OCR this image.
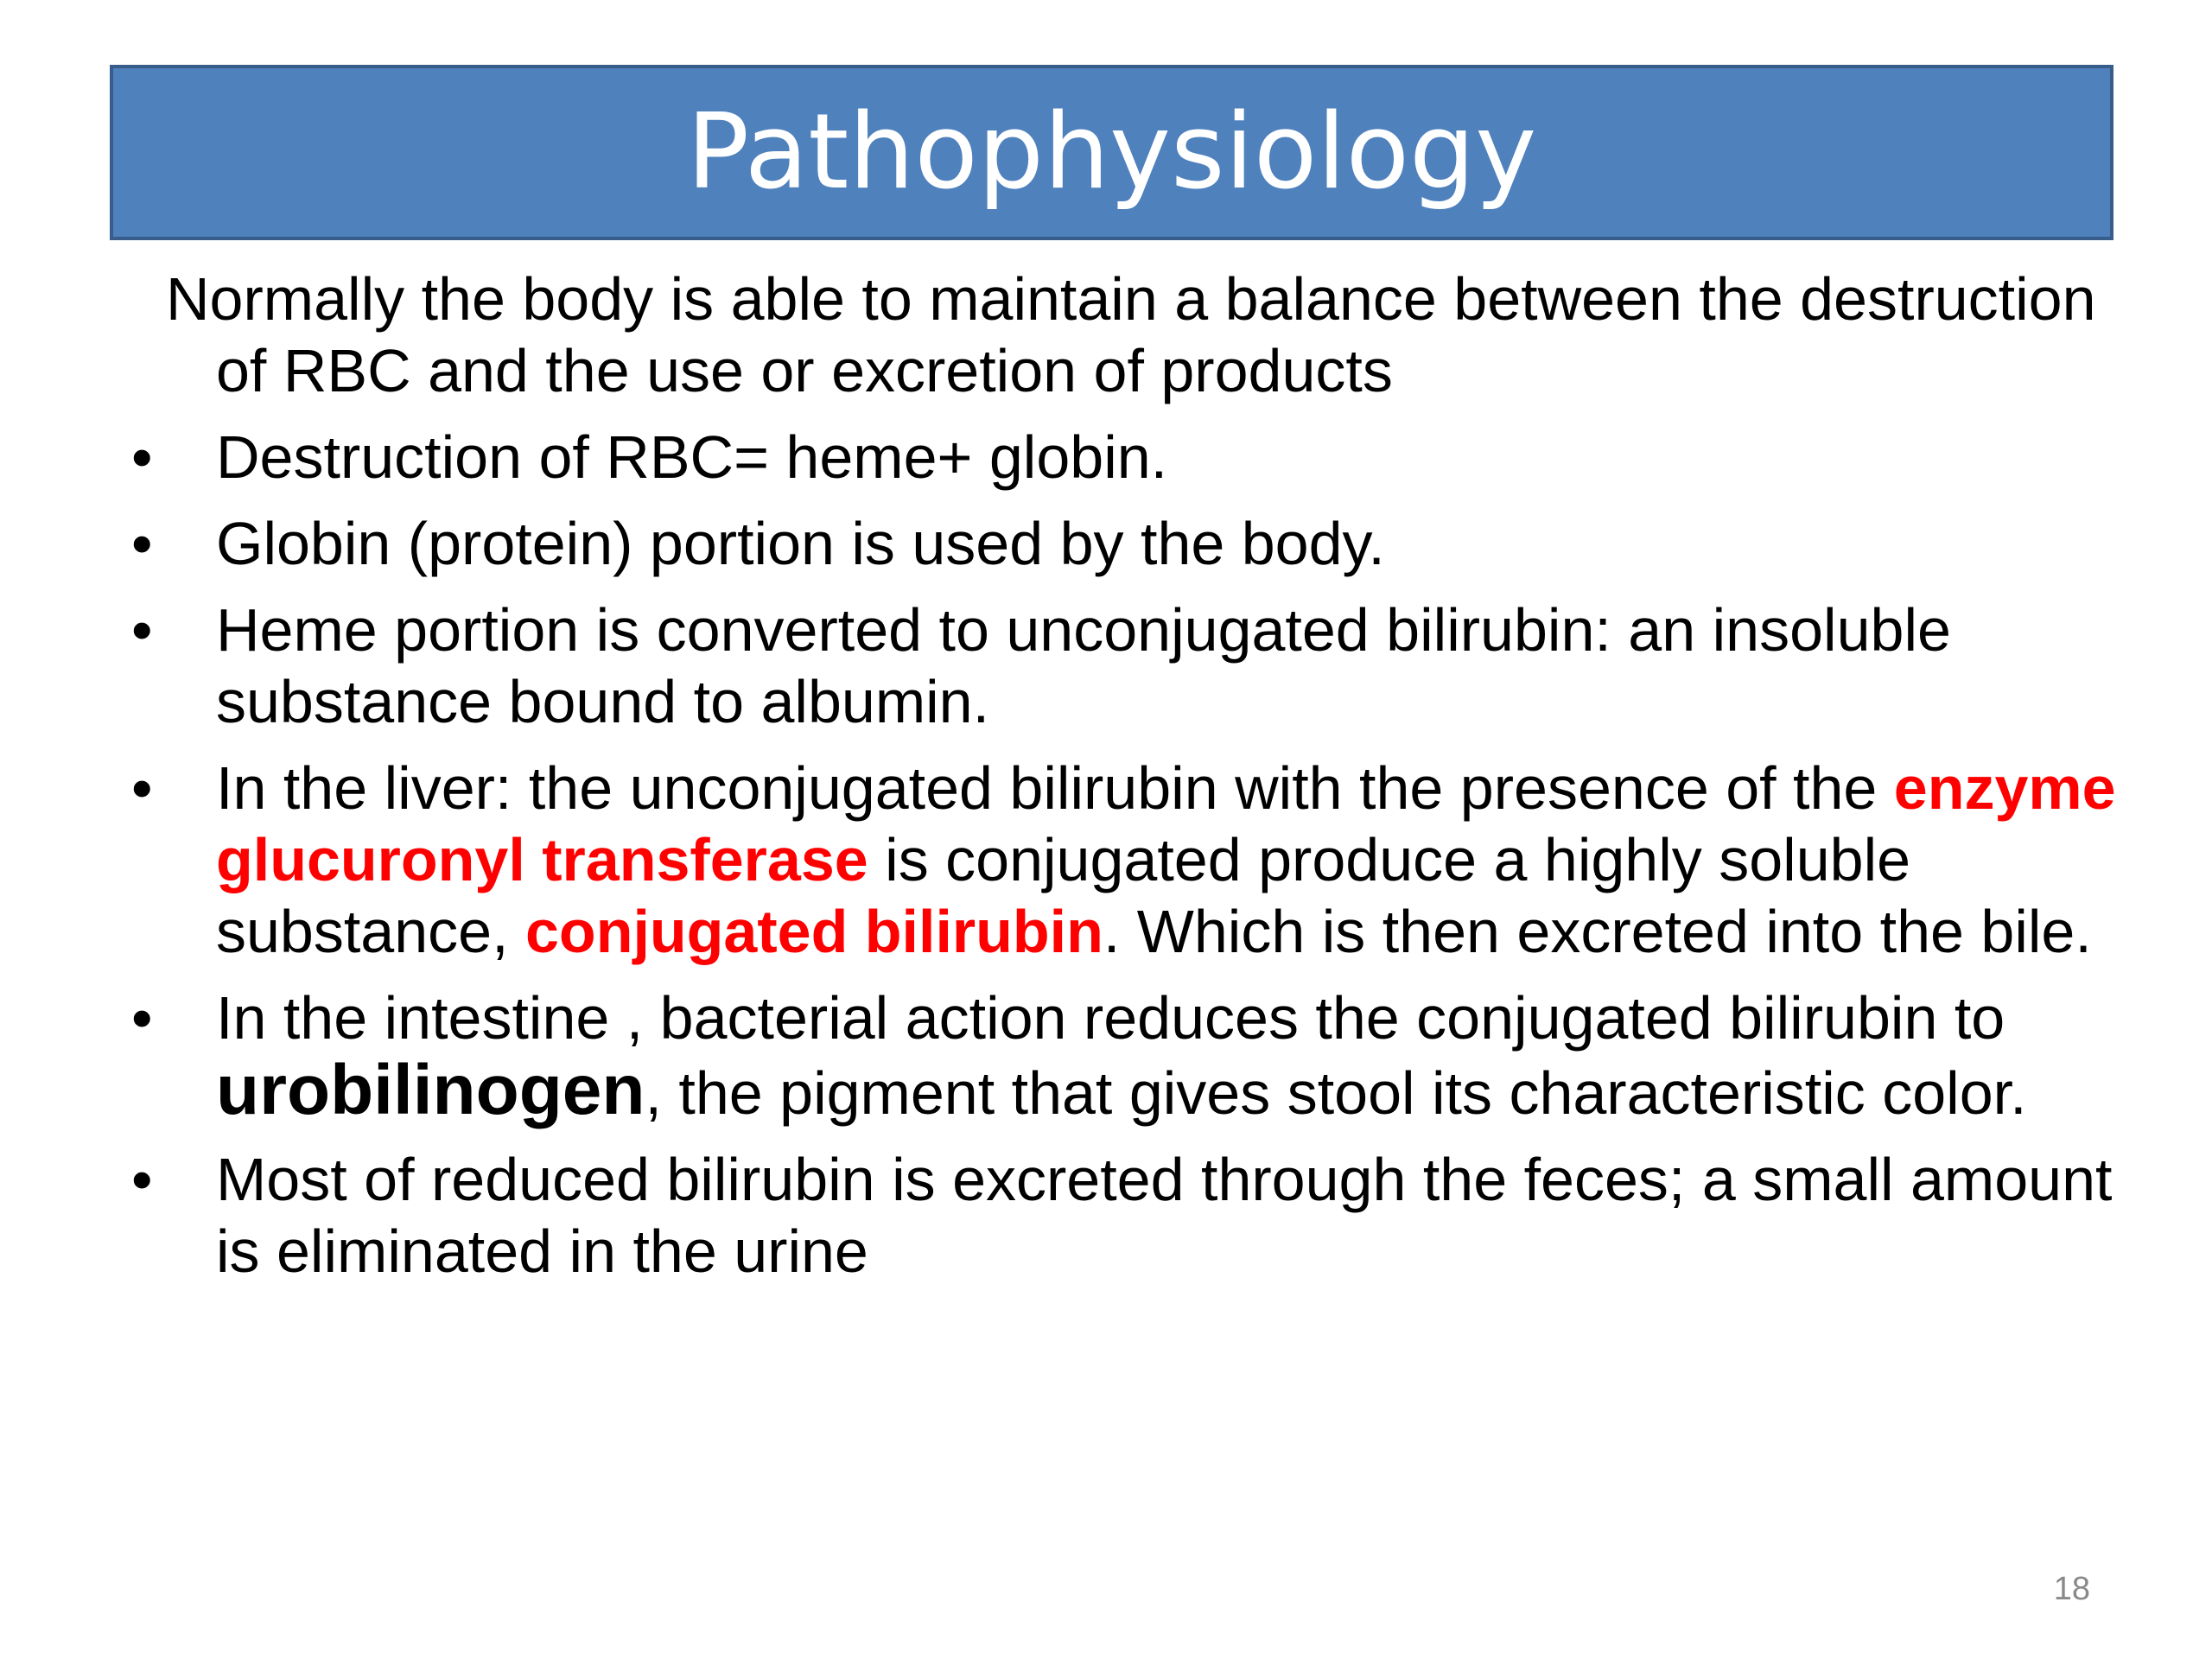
Pathophysiology

Normally the body is able to maintain a balance between the destruction of RBC and the use or excretion of products

•	Destruction of RBC= heme+ globin.
•	Globin (protein) portion is used by the body.
•	Heme portion is converted to unconjugated bilirubin: an insoluble substance bound to albumin.
•	In the liver: the unconjugated bilirubin with the presence of the enzyme glucuronyl transferase is conjugated produce a highly soluble substance, conjugated bilirubin. Which is then excreted into the bile.
•	In the intestine , bacterial action reduces the conjugated bilirubin to urobilinogen, the pigment that gives stool its characteristic color.
•	Most of reduced bilirubin is excreted through the feces; a small amount is eliminated in the urine
18
